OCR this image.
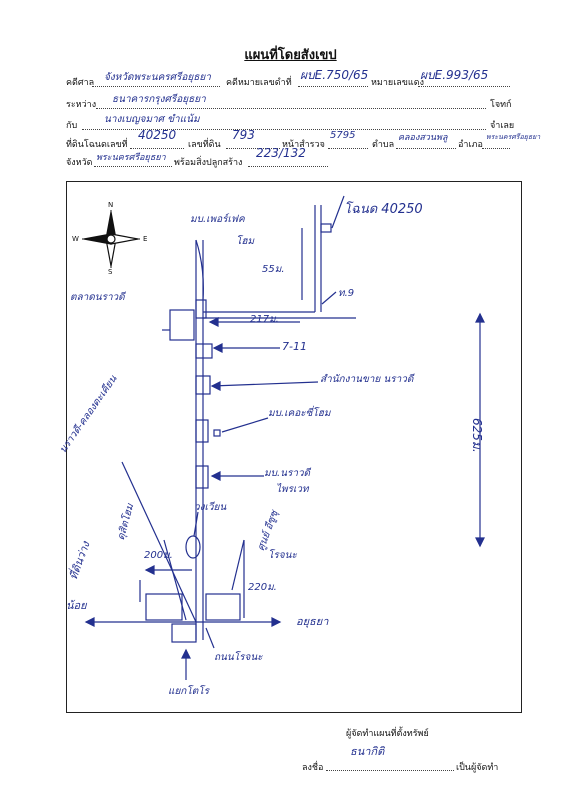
แผนที่โดยสังเขป
คดีศาล	คดีหมายเลขดำที่	หมายเลขแดง
จังหวัดพระนครศรีอยุธยา	ผบE.750/65	ผบE.993/65
ระหว่าง	โจทก์
ธนาคารกรุงศรีอยุธยา
กับ	จำเลย
นางเบญจมาศ ขำแน้ม
ที่ดินโฉนดเลขที่	เลขที่ดิน	หน้าสำรวจ	ตำบล	อำเภอ
40250	793	5795	คลองสวนพลู	พระนครศรีอยุธยา
จังหวัด	พร้อมสิ่งปลูกสร้าง
พระนครศรีอยุธยา	223/132
N
S
W	E
มบ.เพอร์เฟค
โฮม
โฉนด 40250
55ม.
ท.9
ตลาดนราวดี
217ม.
7-11
สำนักงานขาย นราวดี
มบ.เคอะซี่โฮม
625ม.
นราวดี-คลองตะเคียน
มบ.นราวดี
ไพรเวท
วงเวียน
ดุสิตโฮม
200ม.
ที่ดินว่าง
น้อย
ศูนย์ อีซูซุ
โรจนะ
220ม.
อยุธยา
ถนนโรจนะ
แยกโตโร
ผู้จัดทำแผนที่ตั้งทรัพย์
ลงชื่อ
ธนากิติ
เป็นผู้จัดทำ
